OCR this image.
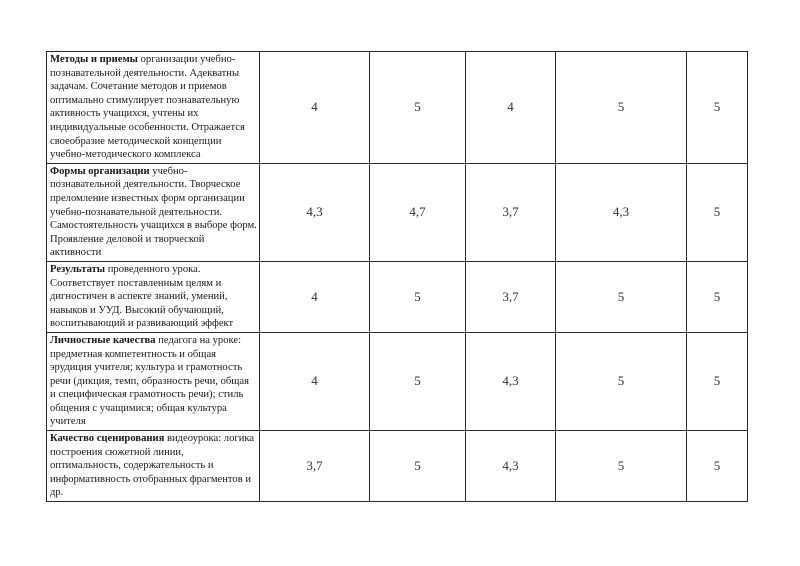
Методы и приемы организации учебно-познавательной деятельности. Адекватны задачам. Сочетание методов и приемов оптимально стимулирует познавательную активность учащихся, учтены их индивидуальные особенности. Отражается своеобразие методической концепции учебно-методического комплекса	4	5	4	5	5
Формы организации учебно-познавательной деятельности. Творческое преломление известных форм организации учебно-познавательной деятельности. Самостоятельность учащихся в выборе форм. Проявление деловой и творческой активности	4,3	4,7	3,7	4,3	5
Результаты проведенного урока. Соответствует поставленным целям и дигностичен в аспекте знаний, умений, навыков и УУД. Высокий обучающий, воспитывающий и развивающий эффект	4	5	3,7	5	5
Личностные качества педагога на уроке: предметная компетентность и общая эрудиция учителя; культура и грамотность речи (дикция, темп, образность речи, общая и специфическая грамотность речи); стиль общения с учащимися; общая культура учителя	4	5	4,3	5	5
Качество сценирования видеоурока: логика построения сюжетной линии, оптимальность, содержательность и информативность отобранных фрагментов и др.	3,7	5	4,3	5	5
